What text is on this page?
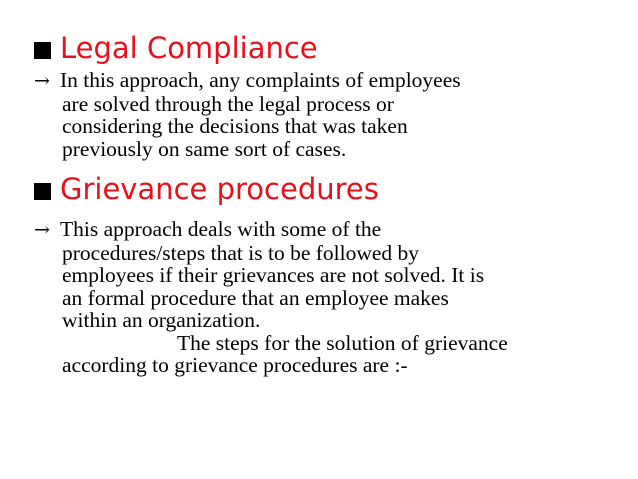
Legal Compliance
→ In this approach, any complaints of employees
are solved through the legal process or
considering the decisions that was taken
previously on same sort of cases.
Grievance procedures
→ This approach deals with some of the
procedures/steps that is to be followed by
employees if their grievances are not solved. It is
an formal procedure that an employee makes
within an organization.
The steps for the solution of grievance
according to grievance procedures are :-
